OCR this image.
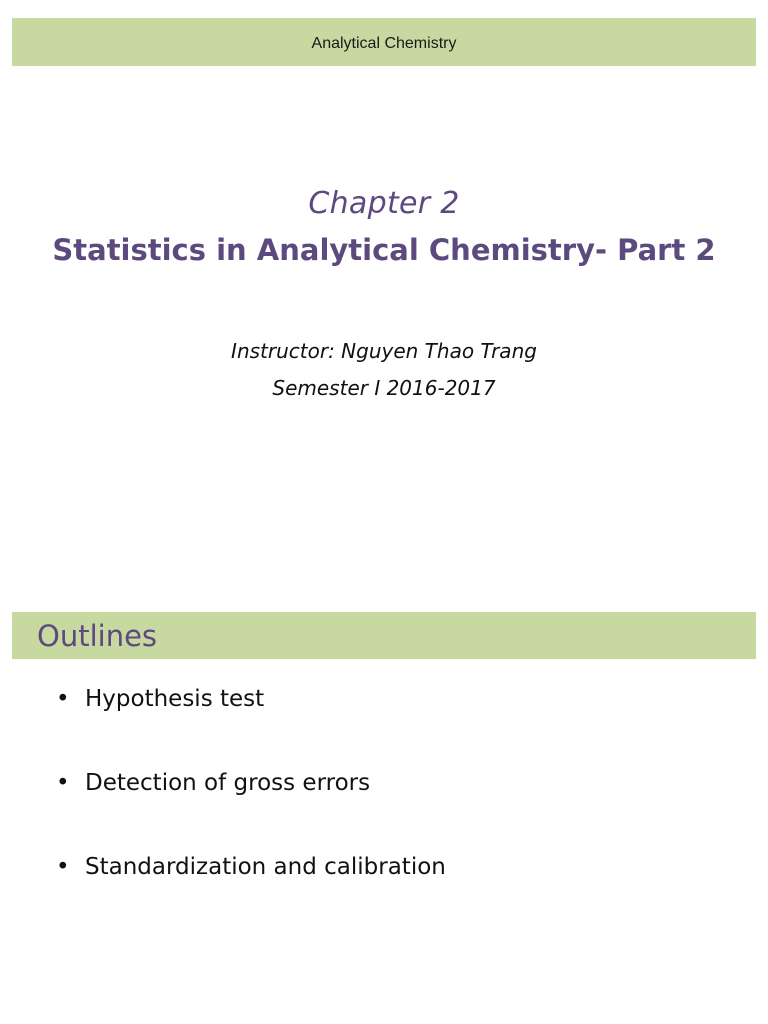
Analytical Chemistry
Chapter 2
Statistics in Analytical Chemistry- Part 2
Instructor: Nguyen Thao Trang
Semester I 2016-2017
Outlines
• Hypothesis test
• Detection of gross errors
• Standardization and calibration
